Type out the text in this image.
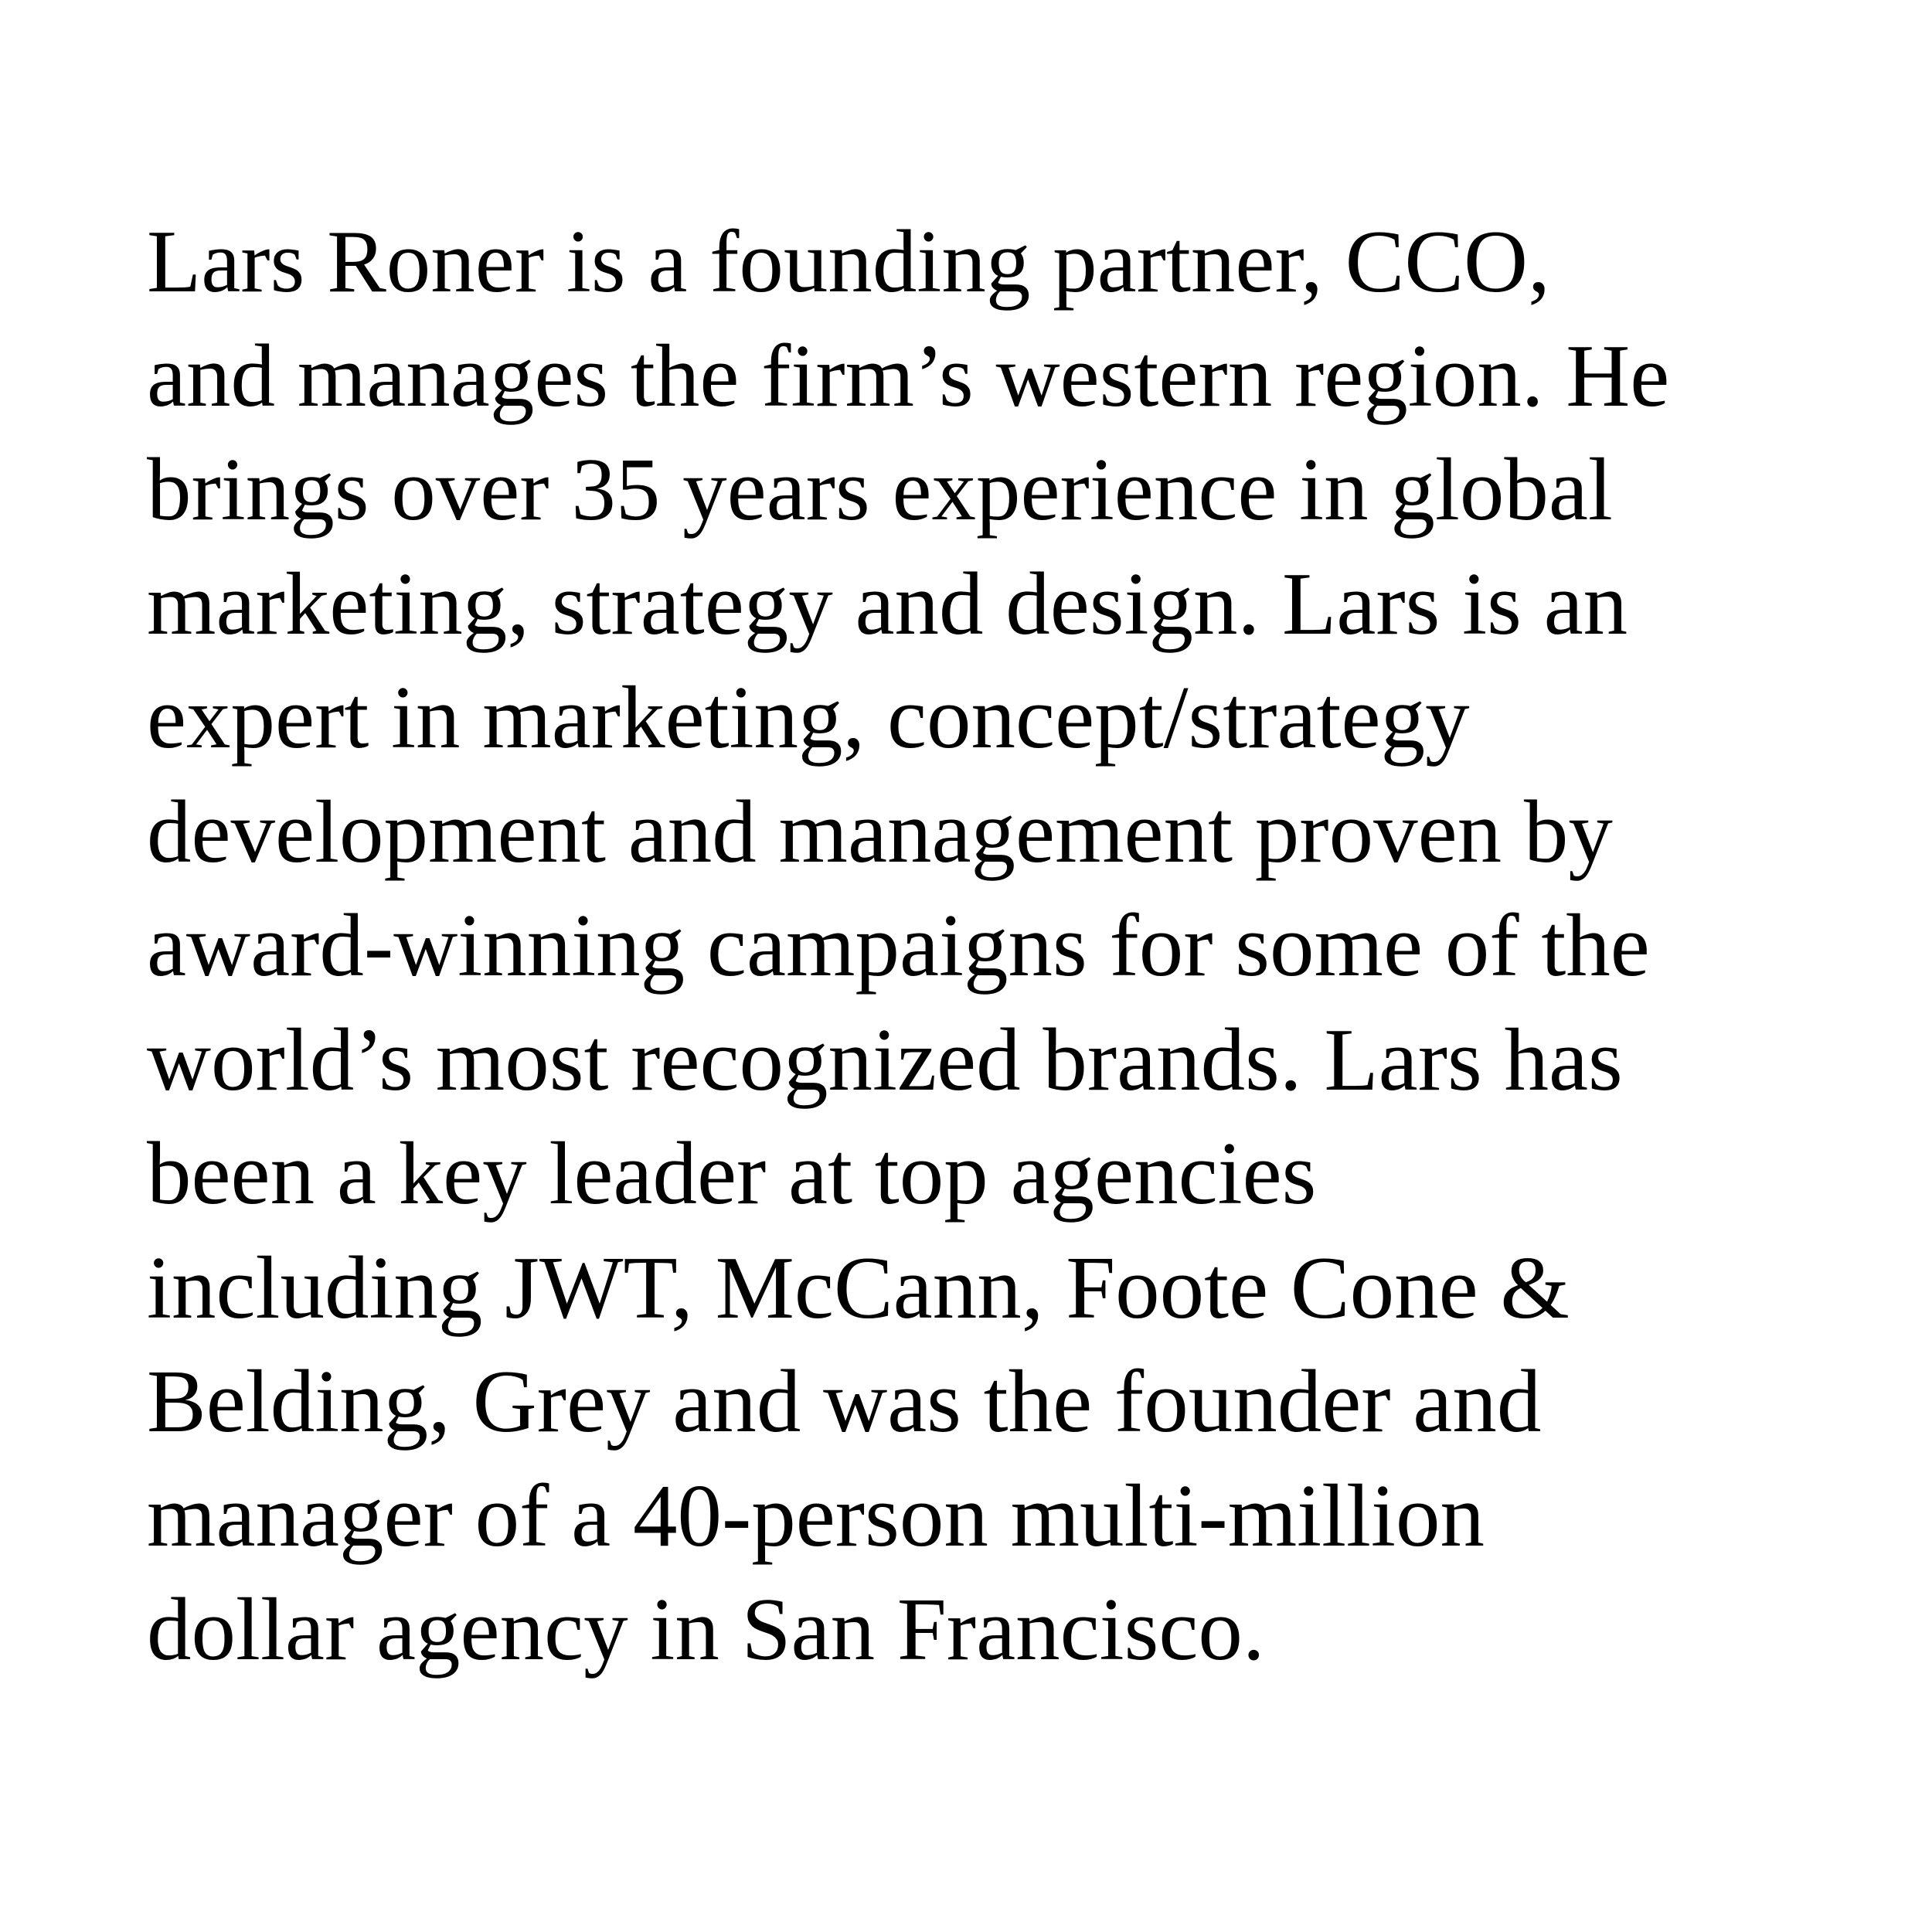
Lars Roner is a founding partner, CCO,
and manages the firm’s western region. He
brings over 35 years experience in global
marketing, strategy and design. Lars is an
expert in marketing, concept/strategy
development and management proven by
award-winning campaigns for some of the
world’s most recognized brands. Lars has
been a key leader at top agencies
including JWT, McCann, Foote Cone &
Belding, Grey and was the founder and
manager of a 40-person multi-million
dollar agency in San Francisco.
